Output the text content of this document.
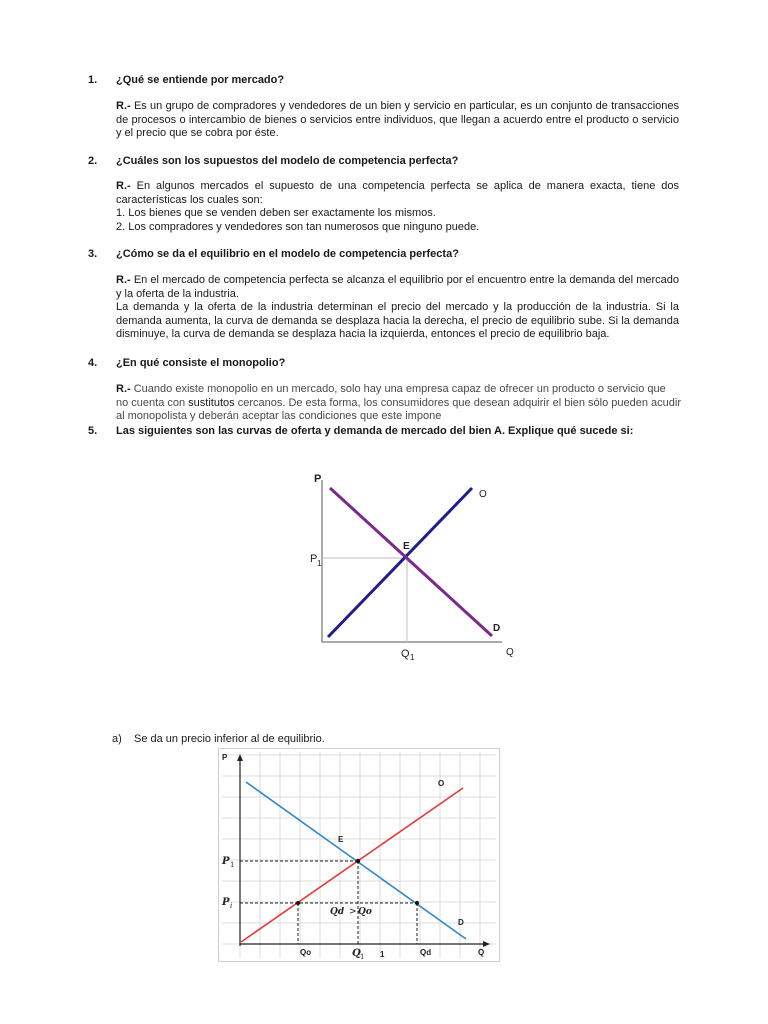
1. ¿Qué se entiende por mercado?

R.- Es un grupo de compradores y vendedores de un bien y servicio en particular, es un conjunto de transacciones de procesos o intercambio de bienes o servicios entre individuos, que llegan a acuerdo entre el producto o servicio y el precio que se cobra por éste.

2. ¿Cuáles son los supuestos del modelo de competencia perfecta?

R.- En algunos mercados el supuesto de una competencia perfecta se aplica de manera exacta, tiene dos características los cuales son:

1. Los bienes que se venden deben ser exactamente los mismos.

2. Los compradores y vendedores son tan numerosos que ninguno puede.

3. ¿Cómo se da el equilibrio en el modelo de competencia perfecta?

R.- En el mercado de competencia perfecta se alcanza el equilibrio por el encuentro entre la demanda del mercado y la oferta de la industria.

La demanda y la oferta de la industria determinan el precio del mercado y la producción de la industria. Si la demanda aumenta, la curva de demanda se desplaza hacia la derecha, el precio de equilibrio sube. Si la demanda disminuye, la curva de demanda se desplaza hacia la izquierda, entonces el precio de equilibrio baja.

4. ¿En qué consiste el monopolio?

R.- Cuando existe monopolio en un mercado, solo hay una empresa capaz de ofrecer un producto o servicio que no cuenta con sustitutos cercanos. De esta forma, los consumidores que desean adquirir el bien sólo pueden acudir al monopolista y deberán aceptar las condiciones que este impone

5. Las siguientes son las curvas de oferta y demanda de mercado del bien A. Explique qué sucede si:
P
O
D
E
P 1
Q 1	Q
a) Se da un precio inferior al de equilibrio.
P
Q
O
D
E
P 1
P i
Qo	Q 1 1	Qd
Qd > Qo
